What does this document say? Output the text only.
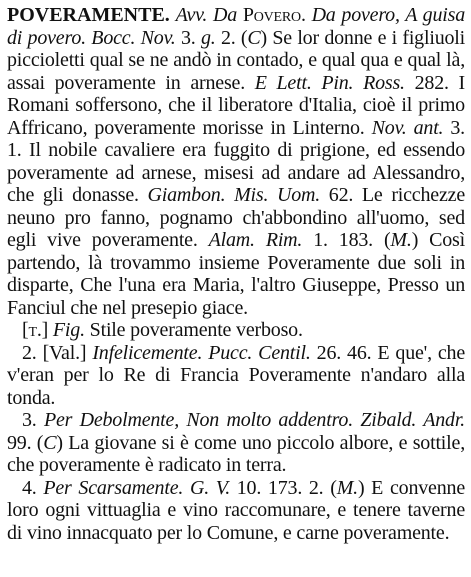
POVERAMENTE. Avv. Da Povero. Da povero, A guisa di povero. Bocc. Nov. 3. g. 2. (C) Se lor donne e i figliuoli piccioletti qual se ne andò in contado, e qual qua e qual là, assai poveramente in arnese. E Lett. Pin. Ross. 282. I Romani soffersono, che il liberatore d'Italia, cioè il primo Affricano, poveramente morisse in Linterno. Nov. ant. 3. 1. Il nobile cavaliere era fuggito di prigione, ed essendo poveramente ad arnese, misesi ad andare ad Alessandro, che gli donasse. Giambon. Mis. Uom. 62. Le ricchezze neuno pro fanno, pognamo ch'abbondino all'uomo, sed egli vive poveramente. Alam. Rim. 1. 183. (M.) Così partendo, là trovammo insieme Poveramente due soli in disparte, Che l'una era Maria, l'altro Giuseppe, Presso un Fanciul che nel presepio giace.

[t.] Fig. Stile poveramente verboso.

2. [Val.] Infelicemente. Pucc. Centil. 26. 46. E que', che v'eran per lo Re di Francia Poveramente n'andaro alla tonda.

3. Per Debolmente, Non molto addentro. Zibald. Andr. 99. (C) La giovane si è come uno piccolo albore, e sottile, che poveramente è radicato in terra.

4. Per Scarsamente. G. V. 10. 173. 2. (M.) E convenne loro ogni vittuaglia e vino raccomunare, e tenere taverne di vino innacquato per lo Comune, e carne poveramente.
